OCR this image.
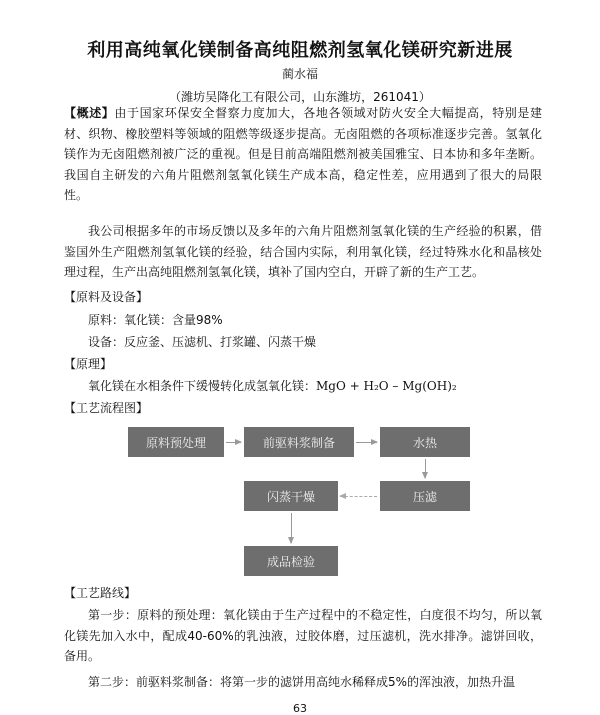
利用高纯氧化镁制备高纯阻燃剂氢氧化镁研究新进展
蔺水福
（潍坊吴降化工有限公司，山东潍坊，261041）

【概述】由于国家环保安全督察力度加大，各地各领域对防火安全大幅提高，特别是建材、织物、橡胶塑料等领域的阻燃等级逐步提高。无卤阻燃的各项标准逐步完善。氢氧化镁作为无卤阻燃剂被广泛的重视。但是目前高端阻燃剂被美国雅宝、日本协和多年垄断。我国自主研发的六角片阻燃剂氢氧化镁生产成本高，稳定性差，应用遇到了很大的局限性。

我公司根据多年的市场反馈以及多年的六角片阻燃剂氢氧化镁的生产经验的积累，借鉴国外生产阻燃剂氢氧化镁的经验，结合国内实际，利用氧化镁，经过特殊水化和晶核处理过程，生产出高纯阻燃剂氢氧化镁，填补了国内空白，开辟了新的生产工艺。

【原料及设备】
原料：氧化镁：含量98%
设备：反应釜、压滤机、打浆罐、闪蒸干燥
【原理】
氧化镁在水相条件下缓慢转化成氢氧化镁：MgO + H₂O – Mg(OH)₂
【工艺流程图】
原料预处理	前驱料浆制备	水热
压滤
闪蒸干燥
成品检验
【工艺路线】

第一步：原料的预处理：氧化镁由于生产过程中的不稳定性，白度很不均匀，所以氧化镁先加入水中，配成40-60%的乳浊液，过胶体磨，过压滤机，洗水排净。滤饼回收，备用。

第二步：前驱料浆制备：将第一步的滤饼用高纯水稀释成5%的浑浊液，加热升温

63
